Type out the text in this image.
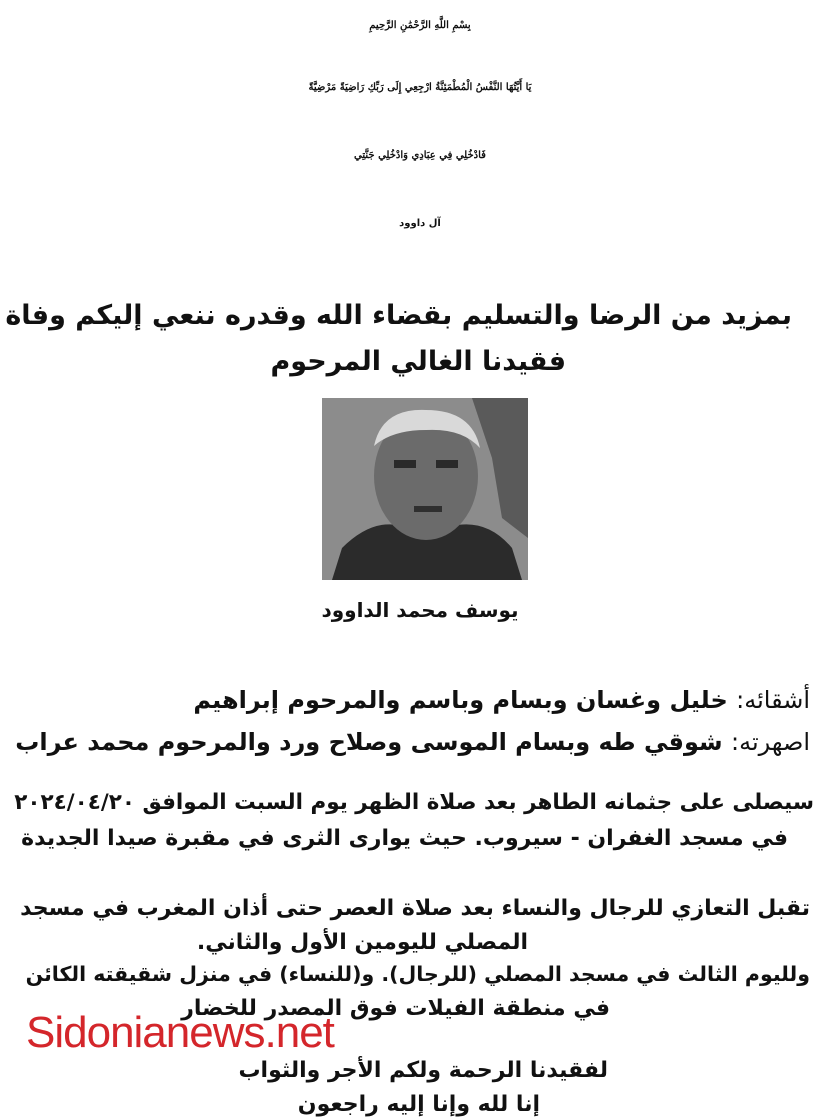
بِسْمِ اللَّهِ الرَّحْمَٰنِ الرَّحِيمِ

يَا أَيَّتُهَا النَّفْسُ الْمُطْمَئِنَّةُ ارْجِعِي إِلَى رَبِّكِ رَاضِيَةً مَرْضِيَّةً

فَادْخُلِي فِي عِبَادِي وَادْخُلِي جَنَّتِي

آل داوود

بمزيد من الرضا والتسليم بقضاء الله وقدره ننعي إليكم وفاة

فقيدنا الغالي المرحوم

يوسف محمد الداوود

أشقائه: خليل وغسان وبسام وباسم والمرحوم إبراهيم

اصهرته: شوقي طه وبسام الموسى وصلاح ورد والمرحوم محمد عراب

سيصلى على جثمانه الطاهر بعد صلاة الظهر يوم السبت الموافق ٢٠٢٤/٠٤/٢٠

في مسجد الغفران - سيروب. حيث يوارى الثرى في مقبرة صيدا الجديدة

تقبل التعازي للرجال والنساء بعد صلاة العصر حتى أذان المغرب في مسجد

المصلي لليومين الأول والثاني.

ولليوم الثالث في مسجد المصلي (للرجال). و(للنساء) في منزل شقيقته الكائن

في منطقة الفيلات فوق المصدر للخضار

لفقيدنا الرحمة ولكم الأجر والثواب

إنا لله وإنا إليه راجعون

Sidonianews.net
